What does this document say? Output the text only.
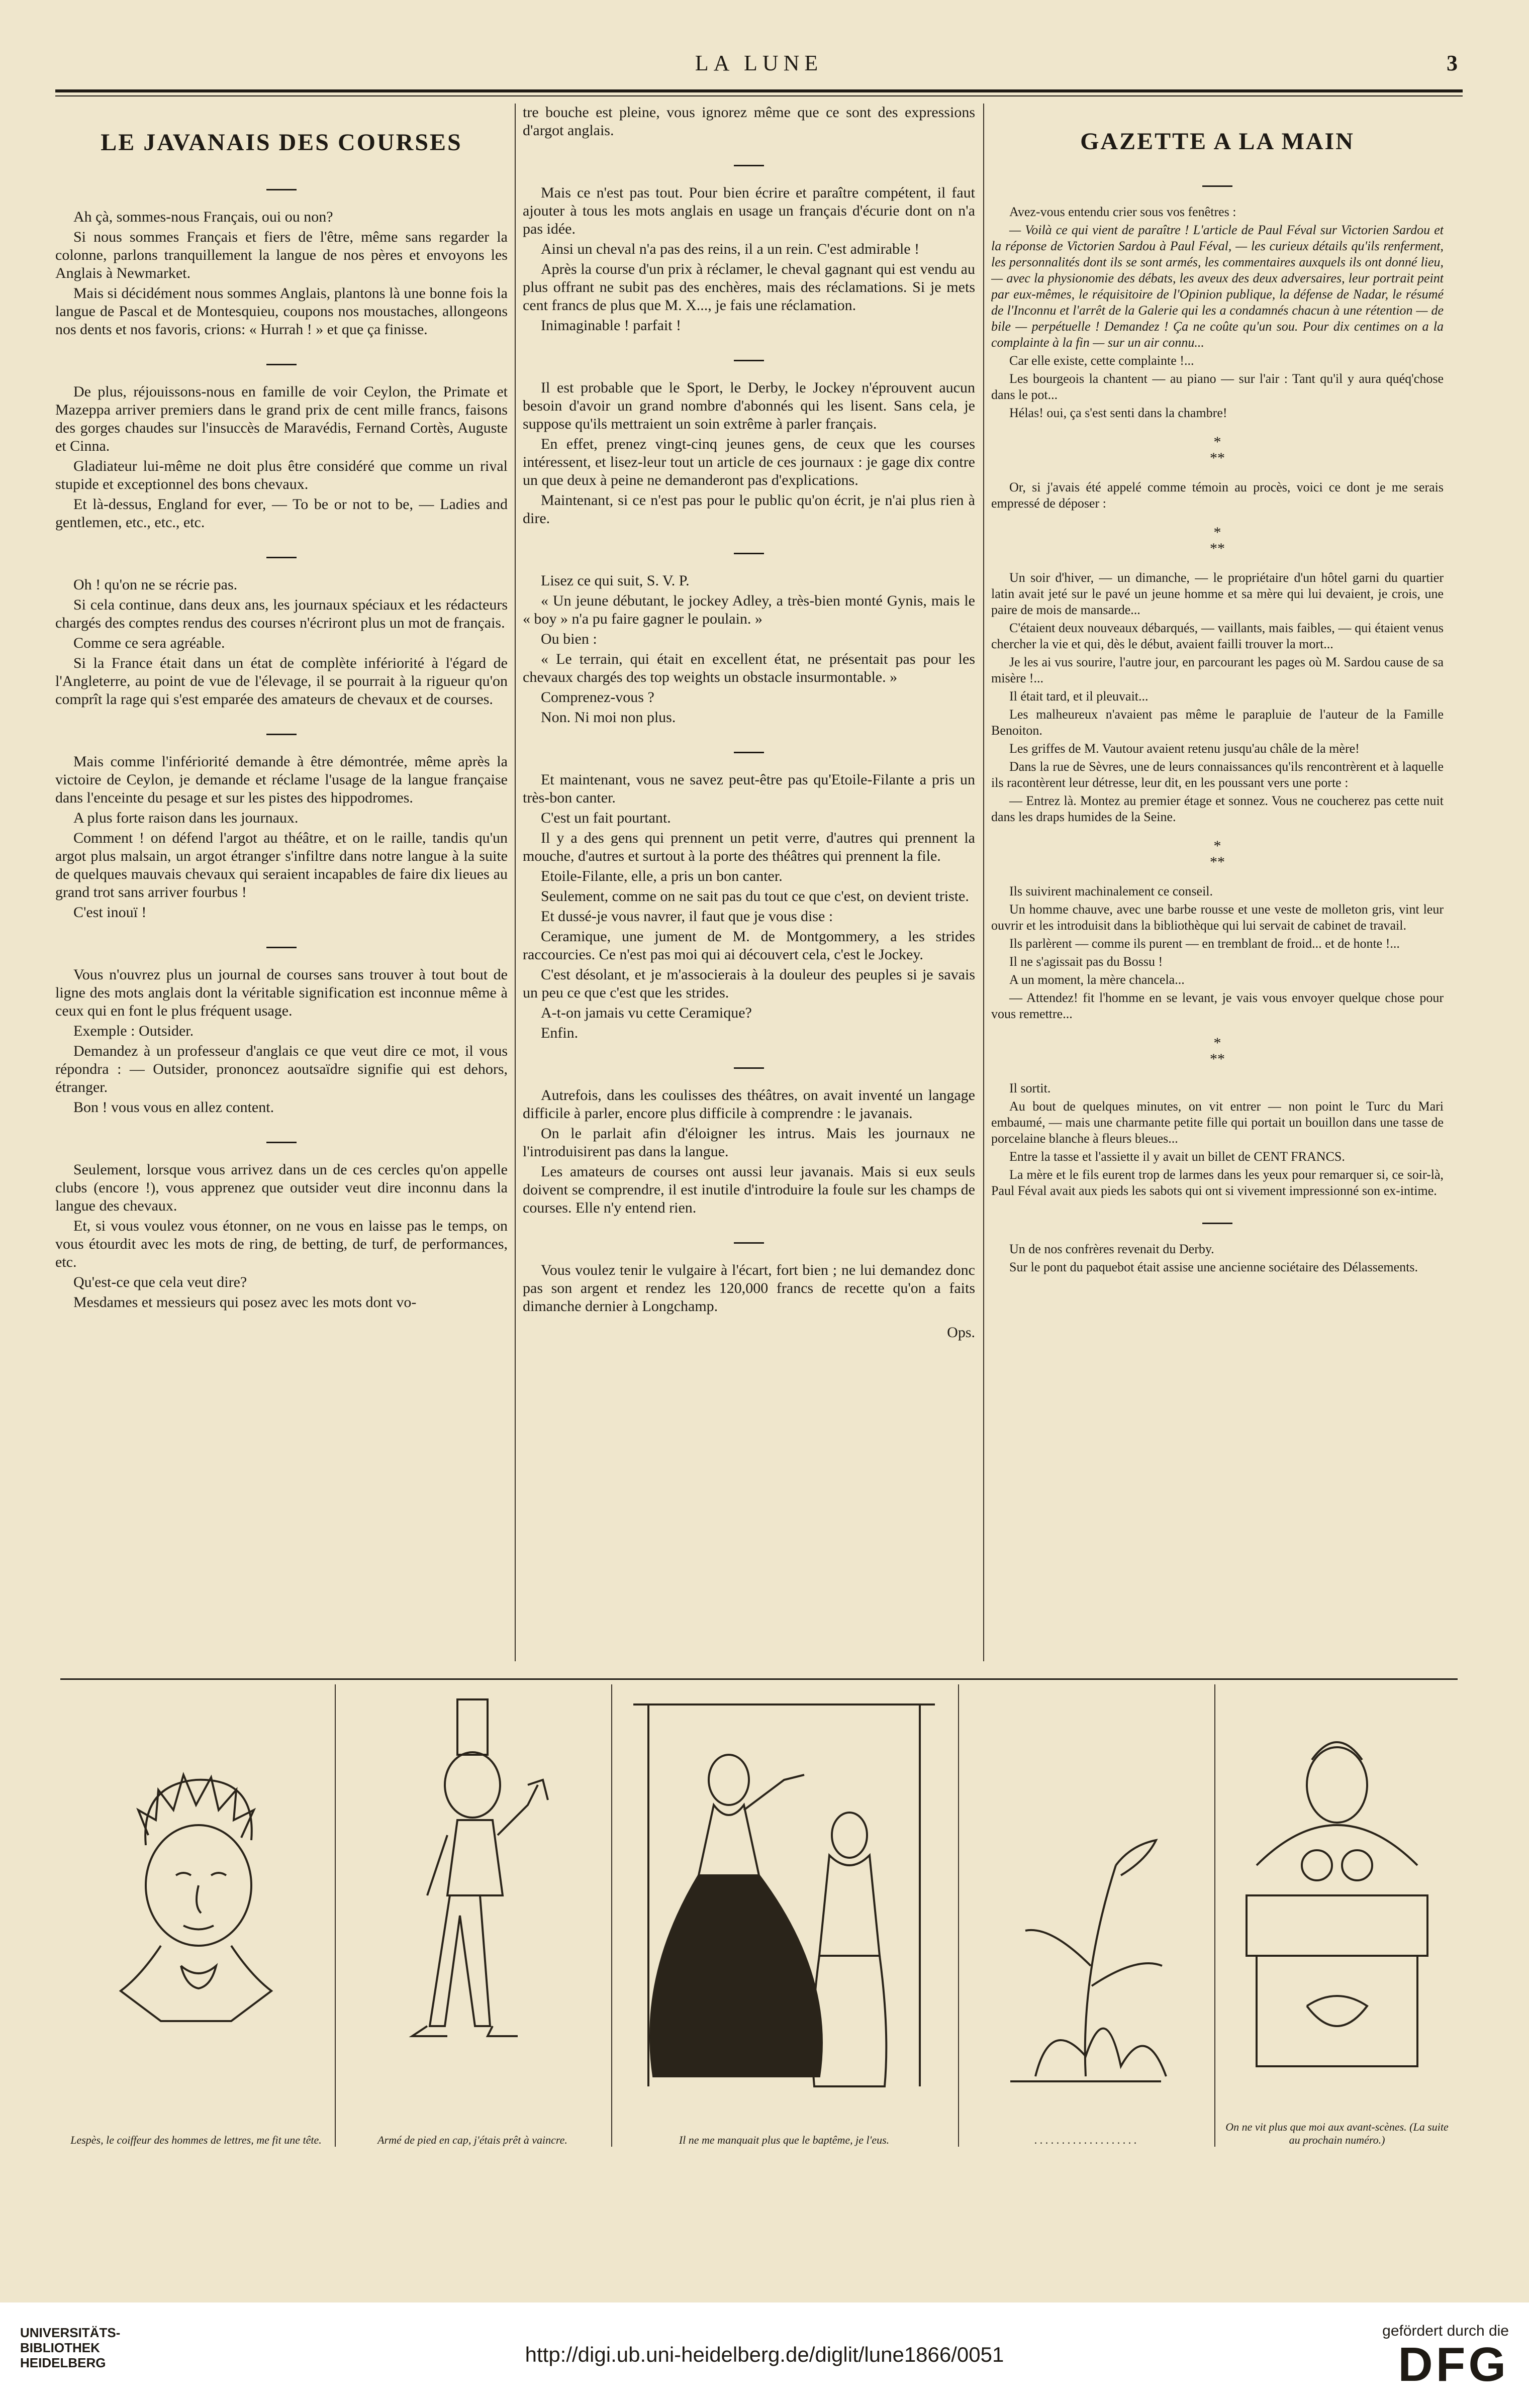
LA LUNE	3
LE JAVANAIS DES COURSES

Ah çà, sommes-nous Français, oui ou non?

Si nous sommes Français et fiers de l'être, même sans regarder la colonne, parlons tranquillement la langue de nos pères et envoyons les Anglais à Newmarket.

Mais si décidément nous sommes Anglais, plantons là une bonne fois la langue de Pascal et de Montesquieu, coupons nos moustaches, allongeons nos dents et nos favoris, crions: « Hurrah ! » et que ça finisse.

De plus, réjouissons-nous en famille de voir Ceylon, the Primate et Mazeppa arriver premiers dans le grand prix de cent mille francs, faisons des gorges chaudes sur l'insuccès de Maravédis, Fernand Cortès, Auguste et Cinna.

Gladiateur lui-même ne doit plus être considéré que comme un rival stupide et exceptionnel des bons chevaux.

Et là-dessus, England for ever, — To be or not to be, — Ladies and gentlemen, etc., etc., etc.

Oh ! qu'on ne se récrie pas.

Si cela continue, dans deux ans, les journaux spéciaux et les rédacteurs chargés des comptes rendus des courses n'écriront plus un mot de français.

Comme ce sera agréable.

Si la France était dans un état de complète infériorité à l'égard de l'Angleterre, au point de vue de l'élevage, il se pourrait à la rigueur qu'on comprît la rage qui s'est emparée des amateurs de chevaux et de courses.

Mais comme l'infériorité demande à être démontrée, même après la victoire de Ceylon, je demande et réclame l'usage de la langue française dans l'enceinte du pesage et sur les pistes des hippodromes.

A plus forte raison dans les journaux.

Comment ! on défend l'argot au théâtre, et on le raille, tandis qu'un argot plus malsain, un argot étranger s'infiltre dans notre langue à la suite de quelques mauvais chevaux qui seraient incapables de faire dix lieues au grand trot sans arriver fourbus !

C'est inouï !

Vous n'ouvrez plus un journal de courses sans trouver à tout bout de ligne des mots anglais dont la véritable signification est inconnue même à ceux qui en font le plus fréquent usage.

Exemple : Outsider.

Demandez à un professeur d'anglais ce que veut dire ce mot, il vous répondra : — Outsider, prononcez aoutsaïdre signifie qui est dehors, étranger.

Bon ! vous vous en allez content.

Seulement, lorsque vous arrivez dans un de ces cercles qu'on appelle clubs (encore !), vous apprenez que outsider veut dire inconnu dans la langue des chevaux.

Et, si vous voulez vous étonner, on ne vous en laisse pas le temps, on vous étourdit avec les mots de ring, de betting, de turf, de performances, etc.

Qu'est-ce que cela veut dire?

Mesdames et messieurs qui posez avec les mots dont vo-

tre bouche est pleine, vous ignorez même que ce sont des expressions d'argot anglais.

Mais ce n'est pas tout. Pour bien écrire et paraître compétent, il faut ajouter à tous les mots anglais en usage un français d'écurie dont on n'a pas idée.

Ainsi un cheval n'a pas des reins, il a un rein. C'est admirable !

Après la course d'un prix à réclamer, le cheval gagnant qui est vendu au plus offrant ne subit pas des enchères, mais des réclamations. Si je mets cent francs de plus que M. X..., je fais une réclamation.

Inimaginable ! parfait !

Il est probable que le Sport, le Derby, le Jockey n'éprouvent aucun besoin d'avoir un grand nombre d'abonnés qui les lisent. Sans cela, je suppose qu'ils mettraient un soin extrême à parler français.

En effet, prenez vingt-cinq jeunes gens, de ceux que les courses intéressent, et lisez-leur tout un article de ces journaux : je gage dix contre un que deux à peine ne demanderont pas d'explications.

Maintenant, si ce n'est pas pour le public qu'on écrit, je n'ai plus rien à dire.

Lisez ce qui suit, S. V. P.

« Un jeune débutant, le jockey Adley, a très-bien monté Gynis, mais le « boy » n'a pu faire gagner le poulain. »

Ou bien :

« Le terrain, qui était en excellent état, ne présentait pas pour les chevaux chargés des top weights un obstacle insurmontable. »

Comprenez-vous ?

Non. Ni moi non plus.

Et maintenant, vous ne savez peut-être pas qu'Etoile-Filante a pris un très-bon canter.

C'est un fait pourtant.

Il y a des gens qui prennent un petit verre, d'autres qui prennent la mouche, d'autres et surtout à la porte des théâtres qui prennent la file.

Etoile-Filante, elle, a pris un bon canter.

Seulement, comme on ne sait pas du tout ce que c'est, on devient triste.

Et dussé-je vous navrer, il faut que je vous dise :

Ceramique, une jument de M. de Montgommery, a les strides raccourcies. Ce n'est pas moi qui ai découvert cela, c'est le Jockey.

C'est désolant, et je m'associerais à la douleur des peuples si je savais un peu ce que c'est que les strides.

A-t-on jamais vu cette Ceramique?

Enfin.

Autrefois, dans les coulisses des théâtres, on avait inventé un langage difficile à parler, encore plus difficile à comprendre : le javanais.

On le parlait afin d'éloigner les intrus. Mais les journaux ne l'introduisirent pas dans la langue.

Les amateurs de courses ont aussi leur javanais. Mais si eux seuls doivent se comprendre, il est inutile d'introduire la foule sur les champs de courses. Elle n'y entend rien.

Vous voulez tenir le vulgaire à l'écart, fort bien ; ne lui demandez donc pas son argent et rendez les 120,000 francs de recette qu'on a faits dimanche dernier à Longchamp.

Ops.
GAZETTE A LA MAIN

Avez-vous entendu crier sous vos fenêtres :

— Voilà ce qui vient de paraître ! L'article de Paul Féval sur Victorien Sardou et la réponse de Victorien Sardou à Paul Féval, — les curieux détails qu'ils renferment, les personnalités dont ils se sont armés, les commentaires auxquels ils ont donné lieu, — avec la physionomie des débats, les aveux des deux adversaires, leur portrait peint par eux-mêmes, le réquisitoire de l'Opinion publique, la défense de Nadar, le résumé de l'Inconnu et l'arrêt de la Galerie qui les a condamnés chacun à une rétention — de bile — perpétuelle ! Demandez ! Ça ne coûte qu'un sou. Pour dix centimes on a la complainte à la fin — sur un air connu...

Car elle existe, cette complainte !...

Les bourgeois la chantent — au piano — sur l'air : Tant qu'il y aura quéq'chose dans le pot...

Hélas! oui, ça s'est senti dans la chambre!

*
**

Or, si j'avais été appelé comme témoin au procès, voici ce dont je me serais empressé de déposer :

*
**

Un soir d'hiver, — un dimanche, — le propriétaire d'un hôtel garni du quartier latin avait jeté sur le pavé un jeune homme et sa mère qui lui devaient, je crois, une paire de mois de mansarde...

C'étaient deux nouveaux débarqués, — vaillants, mais faibles, — qui étaient venus chercher la vie et qui, dès le début, avaient failli trouver la mort...

Je les ai vus sourire, l'autre jour, en parcourant les pages où M. Sardou cause de sa misère !...

Il était tard, et il pleuvait...

Les malheureux n'avaient pas même le parapluie de l'auteur de la Famille Benoiton.

Les griffes de M. Vautour avaient retenu jusqu'au châle de la mère!

Dans la rue de Sèvres, une de leurs connaissances qu'ils rencontrèrent et à laquelle ils racontèrent leur détresse, leur dit, en les poussant vers une porte :

— Entrez là. Montez au premier étage et sonnez. Vous ne coucherez pas cette nuit dans les draps humides de la Seine.

*
**

Ils suivirent machinalement ce conseil.

Un homme chauve, avec une barbe rousse et une veste de molleton gris, vint leur ouvrir et les introduisit dans la bibliothèque qui lui servait de cabinet de travail.

Ils parlèrent — comme ils purent — en tremblant de froid... et de honte !...

Il ne s'agissait pas du Bossu !

A un moment, la mère chancela...

— Attendez! fit l'homme en se levant, je vais vous envoyer quelque chose pour vous remettre...

*
**

Il sortit.

Au bout de quelques minutes, on vit entrer — non point le Turc du Mari embaumé, — mais une charmante petite fille qui portait un bouillon dans une tasse de porcelaine blanche à fleurs bleues...

Entre la tasse et l'assiette il y avait un billet de CENT FRANCS.

La mère et le fils eurent trop de larmes dans les yeux pour remarquer si, ce soir-là, Paul Féval avait aux pieds les sabots qui ont si vivement impressionné son ex-intime.

Un de nos confrères revenait du Derby.

Sur le pont du paquebot était assise une ancienne sociétaire des Délassements.

Lespès, le coiffeur des hommes de lettres, me fit une tête.	Armé de pied en cap, j'étais prêt à vaincre.	Il ne me manquait plus que le baptême, je l'eus.	. . . . . . . . . . . . . . . . . . .
On ne vit plus que moi aux avant-scènes. (La suite au prochain numéro.)
UNIVERSITÄTS-
BIBLIOTHEK
HEIDELBERG	http://digi.ub.uni-heidelberg.de/diglit/lune1866/0051
gefördert durch die
DFG
